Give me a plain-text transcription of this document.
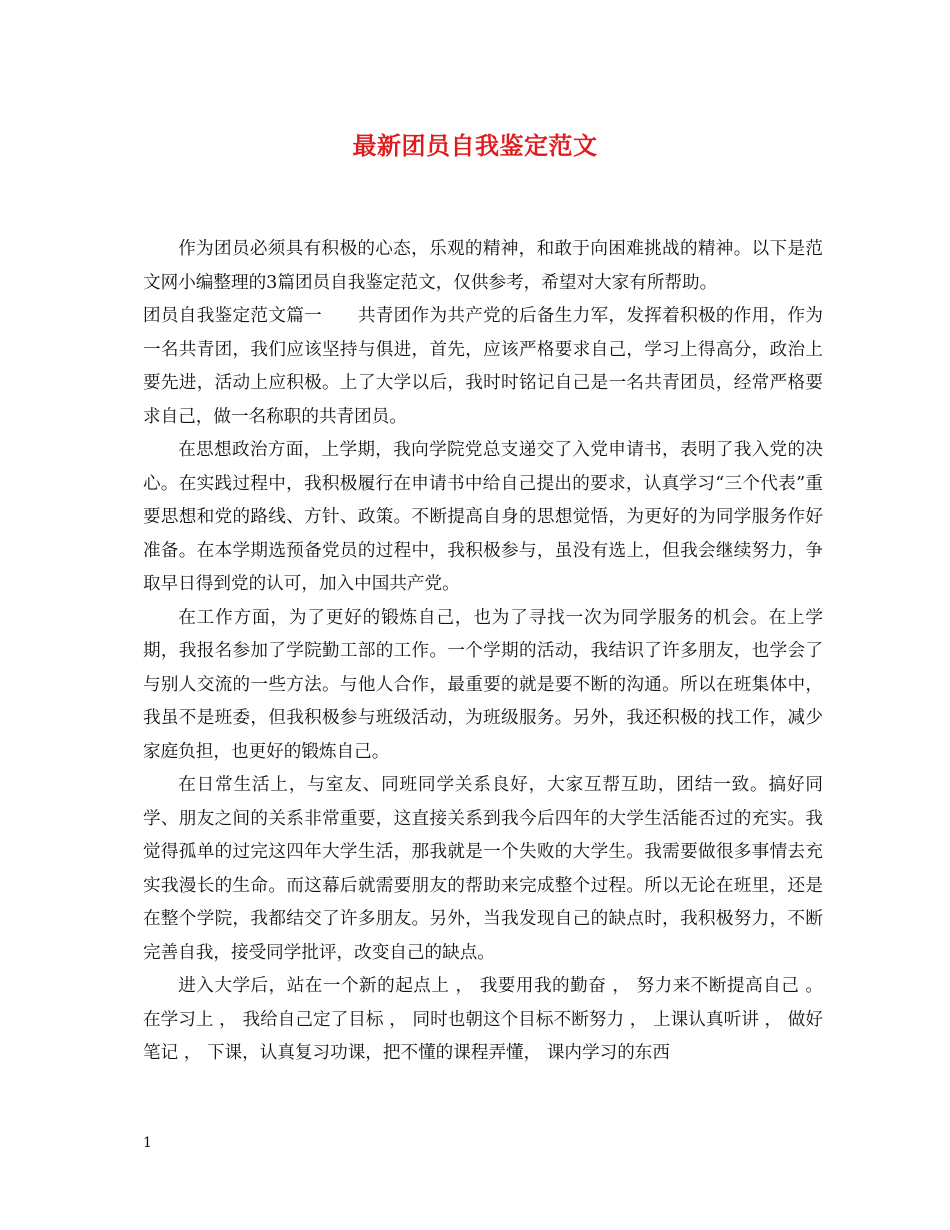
最新团员自我鉴定范文

作为团员必须具有积极的心态，乐观的精神，和敢于向困难挑战的精神。以下是范文网小编整理的3篇团员自我鉴定范文，仅供参考，希望对大家有所帮助。

团员自我鉴定范文篇一　　共青团作为共产党的后备生力军，发挥着积极的作用，作为一名共青团，我们应该坚持与俱进，首先，应该严格要求自己，学习上得高分，政治上要先进，活动上应积极。上了大学以后，我时时铭记自己是一名共青团员，经常严格要求自己，做一名称职的共青团员。

在思想政治方面，上学期，我向学院党总支递交了入党申请书，表明了我入党的决心。在实践过程中，我积极履行在申请书中给自己提出的要求，认真学习“三个代表”重要思想和党的路线、方针、政策。不断提高自身的思想觉悟，为更好的为同学服务作好准备。在本学期选预备党员的过程中，我积极参与，虽没有选上，但我会继续努力，争取早日得到党的认可，加入中国共产党。

在工作方面，为了更好的锻炼自己，也为了寻找一次为同学服务的机会。在上学期，我报名参加了学院勤工部的工作。一个学期的活动，我结识了许多朋友，也学会了与别人交流的一些方法。与他人合作，最重要的就是要不断的沟通。所以在班集体中，我虽不是班委，但我积极参与班级活动，为班级服务。另外，我还积极的找工作，减少家庭负担，也更好的锻炼自己。

在日常生活上，与室友、同班同学关系良好，大家互帮互助，团结一致。搞好同学、朋友之间的关系非常重要，这直接关系到我今后四年的大学生活能否过的充实。我觉得孤单的过完这四年大学生活，那我就是一个失败的大学生。我需要做很多事情去充实我漫长的生命。而这幕后就需要朋友的帮助来完成整个过程。所以无论在班里，还是在整个学院，我都结交了许多朋友。另外，当我发现自己的缺点时，我积极努力，不断完善自我，接受同学批评，改变自己的缺点。

进入大学后，站在一个新的起点上 ， 我要用我的勤奋 ， 努力来不断提高自己 。 在学习上 ， 我给自己定了目标 ， 同时也朝这个目标不断努力 ， 上课认真听讲 ， 做好笔记 ， 下课，认真复习功课，把不懂的课程弄懂， 课内学习的东西

1
